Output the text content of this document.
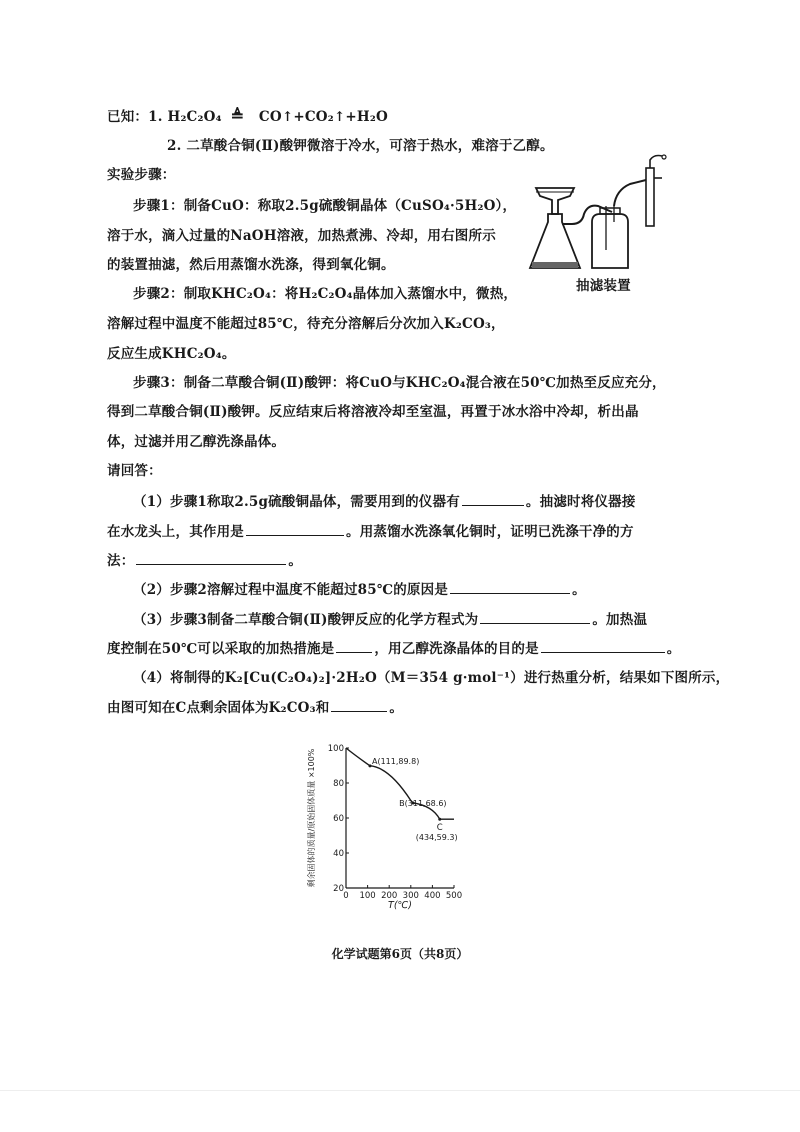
已知：1. H₂C₂O₄ ≜ CO↑+CO₂↑+H₂O
2. 二草酸合铜(Ⅱ)酸钾微溶于冷水，可溶于热水，难溶于乙醇。
实验步骤：
步骤1：制备CuO：称取2.5g硫酸铜晶体（CuSO₄·5H₂O），
溶于水，滴入过量的NaOH溶液，加热煮沸、冷却，用右图所示
的装置抽滤，然后用蒸馏水洗涤，得到氧化铜。
抽滤装置
步骤2：制取KHC₂O₄：将H₂C₂O₄晶体加入蒸馏水中，微热，
溶解过程中温度不能超过85℃，待充分溶解后分次加入K₂CO₃，
反应生成KHC₂O₄。
步骤3：制备二草酸合铜(Ⅱ)酸钾：将CuO与KHC₂O₄混合液在50℃加热至反应充分，
得到二草酸合铜(Ⅱ)酸钾。反应结束后将溶液冷却至室温，再置于冰水浴中冷却，析出晶
体，过滤并用乙醇洗涤晶体。
请回答：
（1）步骤1称取2.5g硫酸铜晶体，需要用到的仪器有	。抽滤时将仪器接
在水龙头上，其作用是	。用蒸馏水洗涤氧化铜时，证明已洗涤干净的方
法：	。
（2）步骤2溶解过程中温度不能超过85℃的原因是	。
（3）步骤3制备二草酸合铜(Ⅱ)酸钾反应的化学方程式为	。加热温
度控制在50℃可以采取的加热措施是	，用乙醇洗涤晶体的目的是	。
（4）将制得的K₂[Cu(C₂O₄)₂]·2H₂O（M＝354 g·mol⁻¹）进行热重分析，结果如下图所示，
由图可知在C点剩余固体为K₂CO₃和	。
0 100 200 300 400 500
20
40
60
80
100
T(℃)
剩余固体的质量/原始固体质量 ×100%	A(111,89.8)
B(311,68.6)
C
(434,59.3)
化学试题第6页（共8页）
